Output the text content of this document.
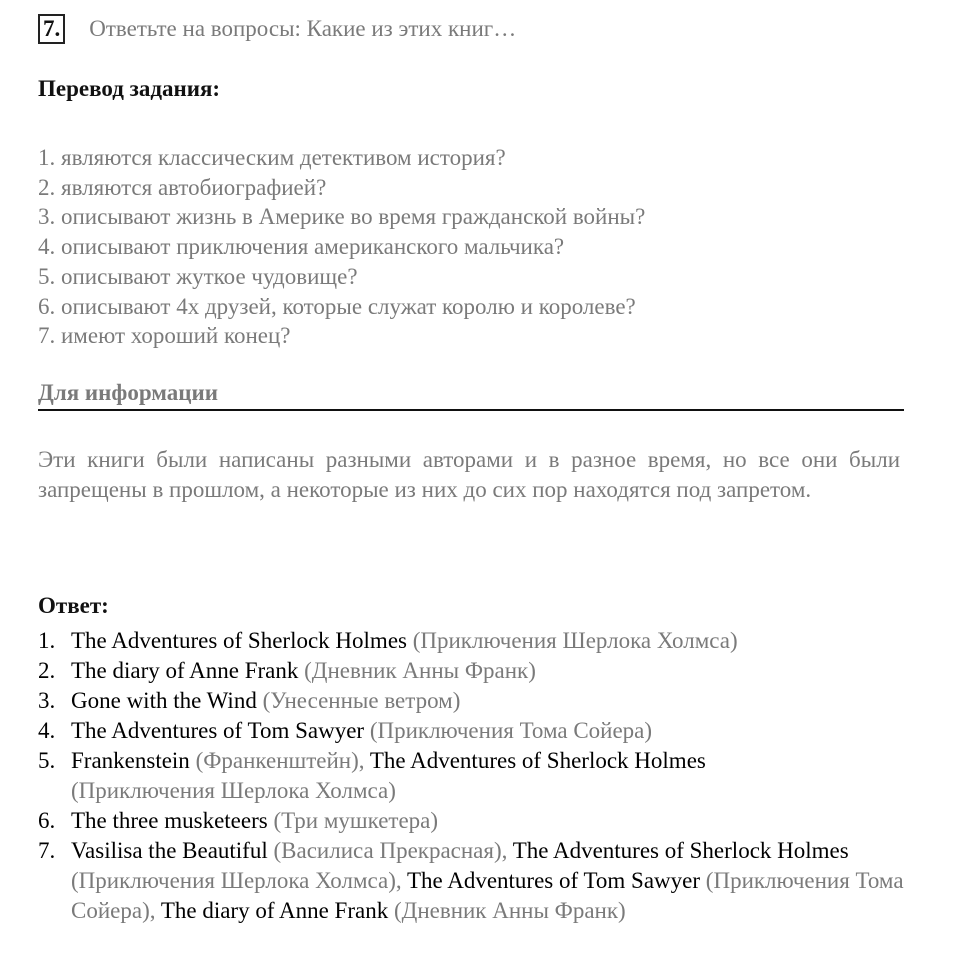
7. Ответьте на вопросы: Какие из этих книг…
Перевод задания:
1. являются классическим детективом история?
2. являются автобиографией?
3. описывают жизнь в Америке во время гражданской войны?
4. описывают приключения американского мальчика?
5. описывают жуткое чудовище?
6. описывают 4х друзей, которые служат королю и королеве?
7. имеют хороший конец?
Для информации

Эти книги были написаны разными авторами и в разное время, но все они были запрещены в прошлом, а некоторые из них до сих пор находятся под запретом.

Ответ:
1. The Adventures of Sherlock Holmes (Приключения Шерлока Холмса)
2. The diary of Anne Frank (Дневник Анны Франк)
3. Gone with the Wind (Унесенные ветром)
4. The Adventures of Tom Sawyer (Приключения Тома Сойера)
5. Frankenstein (Франкенштейн), The Adventures of Sherlock Holmes (Приключения Шерлока Холмса)
6. The three musketeers (Три мушкетера)
7. Vasilisa the Beautiful (Василиса Прекрасная), The Adventures of Sherlock Holmes (Приключения Шерлока Холмса), The Adventures of Tom Sawyer (Приключения Тома Сойера), The diary of Anne Frank (Дневник Анны Франк)
